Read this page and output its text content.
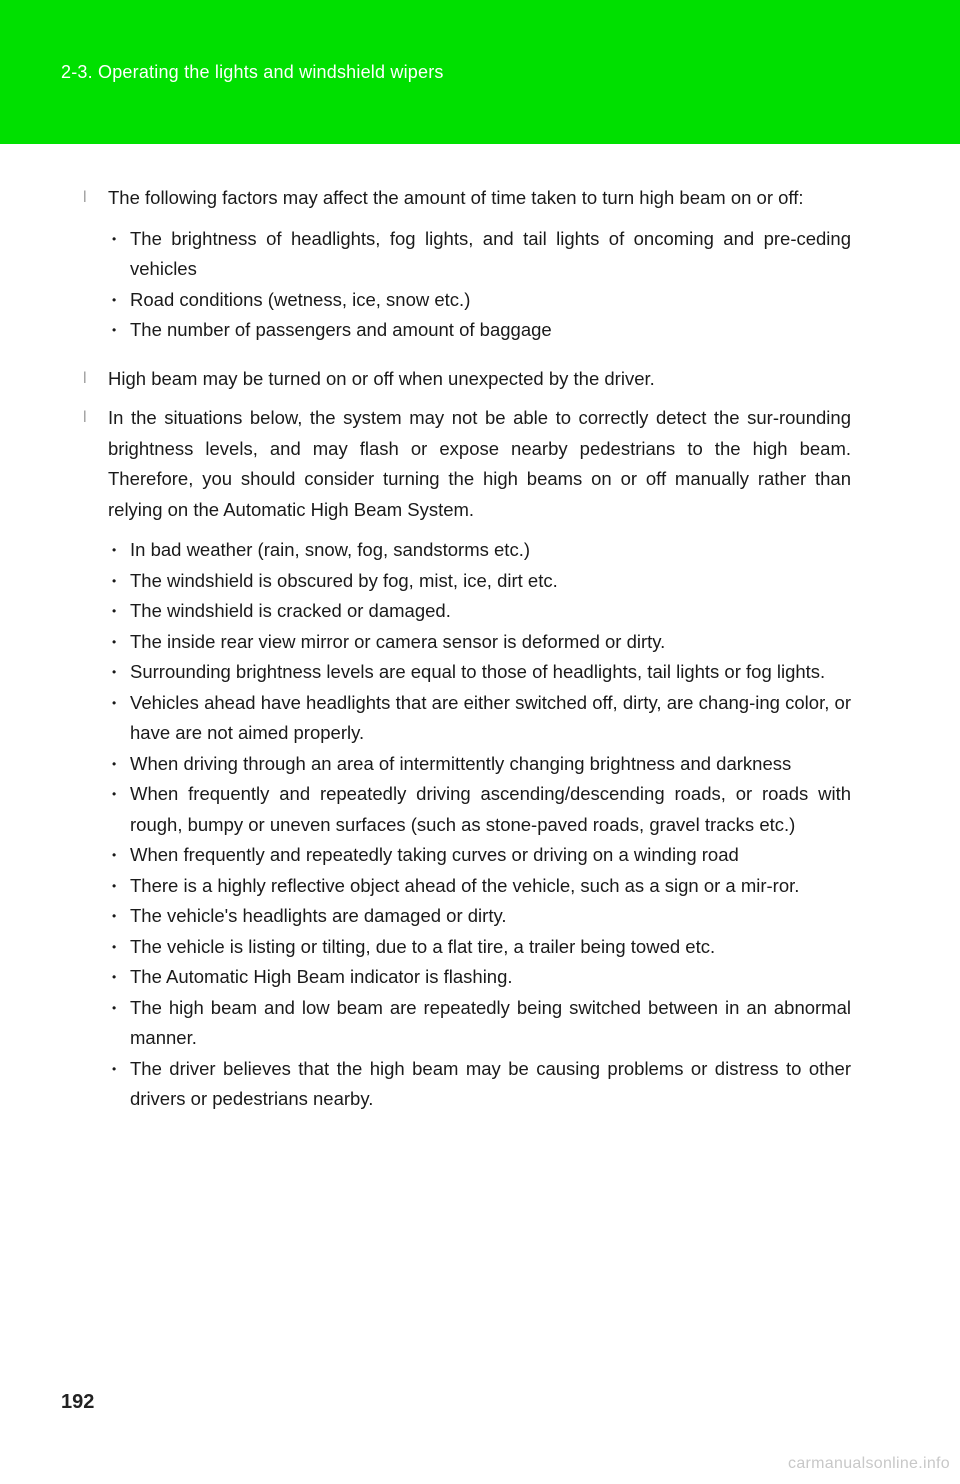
2-3. Operating the lights and windshield wipers

l The following factors may affect the amount of time taken to turn high beam on or off:

• The brightness of headlights, fog lights, and tail lights of oncoming and pre-ceding vehicles
• Road conditions (wetness, ice, snow etc.)
• The number of passengers and amount of baggage

l High beam may be turned on or off when unexpected by the driver.

l In the situations below, the system may not be able to correctly detect the sur-rounding brightness levels, and may flash or expose nearby pedestrians to the high beam. Therefore, you should consider turning the high beams on or off manually rather than relying on the Automatic High Beam System.

• In bad weather (rain, snow, fog, sandstorms etc.)
• The windshield is obscured by fog, mist, ice, dirt etc.
• The windshield is cracked or damaged.
• The inside rear view mirror or camera sensor is deformed or dirty.
• Surrounding brightness levels are equal to those of headlights, tail lights or fog lights.
• Vehicles ahead have headlights that are either switched off, dirty, are chang-ing color, or have are not aimed properly.
• When driving through an area of intermittently changing brightness and darkness
• When frequently and repeatedly driving ascending/descending roads, or roads with rough, bumpy or uneven surfaces (such as stone-paved roads, gravel tracks etc.)
• When frequently and repeatedly taking curves or driving on a winding road
• There is a highly reflective object ahead of the vehicle, such as a sign or a mir-ror.
• The vehicle's headlights are damaged or dirty.
• The vehicle is listing or tilting, due to a flat tire, a trailer being towed etc.
• The Automatic High Beam indicator is flashing.
• The high beam and low beam are repeatedly being switched between in an abnormal manner.
• The driver believes that the high beam may be causing problems or distress to other drivers or pedestrians nearby.
192
carmanualsonline.info
